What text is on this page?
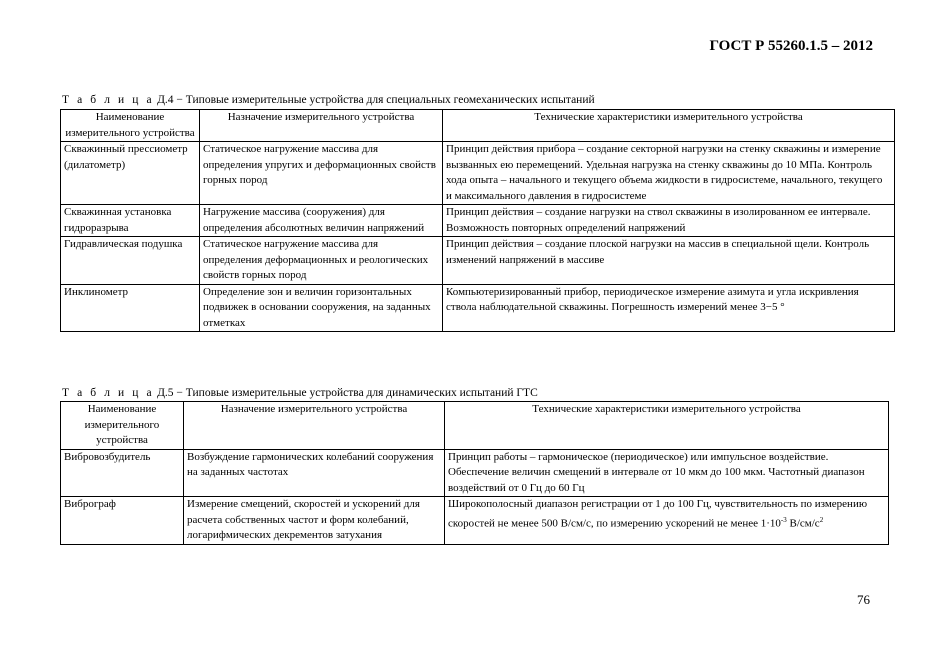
ГОСТ Р 55260.1.5 – 2012
Т а б л и ц а Д.4 − Типовые измерительные устройства для специальных геомеханических испытаний
Наименование измерительного устройства	Назначение измерительного устройства	Технические характеристики измерительного устройства
Скважинный прессиометр (дилатометр)	Статическое нагружение массива для определения упругих и деформационных свойств горных пород	Принцип действия прибора – создание секторной нагрузки на стенку скважины и измерение вызванных ею перемещений. Удельная нагрузка на стенку скважины до 10 МПа. Контроль хода опыта – начального и текущего объема жидкости в гидросистеме, начального, текущего и максимального давления в гидросистеме
Скважинная установка гидроразрыва	Нагружение массива (сооружения) для определения абсолютных величин напряжений	Принцип действия – создание нагрузки на ствол скважины в изолированном ее интервале. Возможность повторных определений напряжений
Гидравлическая подушка	Статическое нагружение массива для определения деформационных и реологических свойств горных пород	Принцип действия – создание плоской нагрузки на массив в специальной щели. Контроль изменений напряжений в массиве
Инклинометр	Определение зон и величин горизонтальных подвижек в основании сооружения, на заданных отметках	Компьютеризированный прибор, периодическое измерение азимута и угла искривления ствола наблюдательной скважины. Погрешность измерений менее 3−5 °
Т а б л и ц а Д.5 − Типовые измерительные устройства для динамических испытаний ГТС
Наименование измерительного устройства	Назначение измерительного устройства	Технические характеристики измерительного устройства
Вибровозбудитель	Возбуждение гармонических колебаний сооружения на заданных частотах	Принцип работы – гармоническое (периодическое) или импульсное воздействие. Обеспечение величин смещений в интервале от 10 мкм до 100 мкм. Частотный диапазон воздействий от 0 Гц до 60 Гц
Виброграф	Измерение смещений, скоростей и ускорений для расчета собственных частот и форм колебаний, логарифмических декрементов затухания	Широкополосный диапазон регистрации от 1 до 100 Гц, чувствительность по измерению скоростей не менее 500 В/см/с, по измерению ускорений не менее $1\cdot 10^{-3}$ $В/см/с^2$
76
